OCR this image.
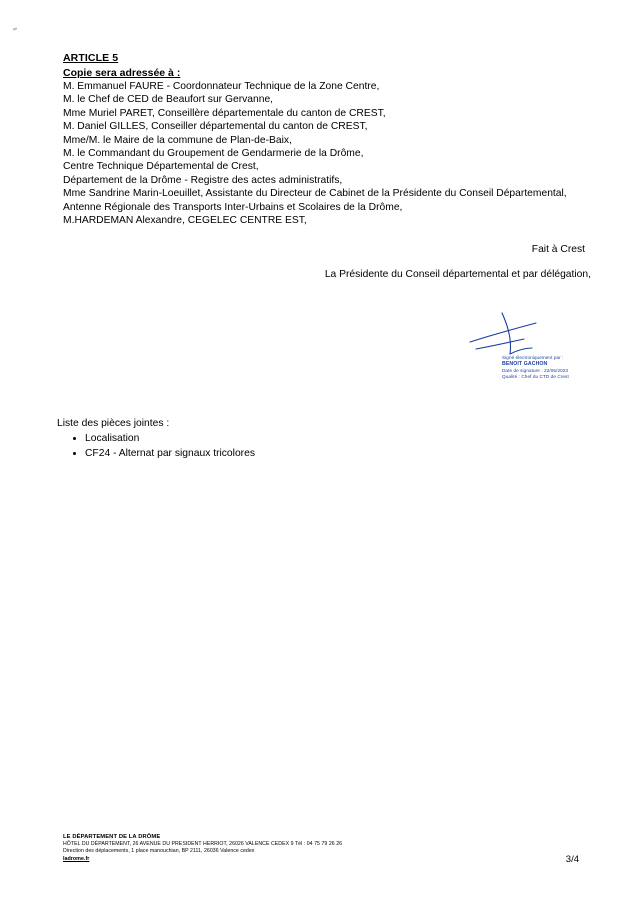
ARTICLE 5
Copie sera adressée à :
M. Emmanuel FAURE - Coordonnateur Technique de la Zone Centre,
M. le Chef de CED de Beaufort sur Gervanne,
Mme Muriel PARET, Conseillère départementale du canton de CREST,
M. Daniel GILLES, Conseiller départemental du canton de CREST,
Mme/M. le Maire de la commune de Plan-de-Baix,
M. le Commandant du Groupement de Gendarmerie de la Drôme,
Centre Technique Départemental de Crest,
Département de la Drôme - Registre des actes administratifs,
Mme Sandrine Marin-Loeuillet, Assistante du Directeur de Cabinet de la Présidente du Conseil Départemental,
Antenne Régionale des Transports Inter-Urbains et Scolaires de la Drôme,
M.HARDEMAN Alexandre, CEGELEC CENTRE EST,
Fait à Crest
La Présidente du Conseil départemental et par délégation,
Signé électroniquement par :
BENOIT GACHON
Date de signature : 22/06/2023
Qualité : Chef du CTD de Crest
Liste des pièces jointes :
Localisation
CF24 - Alternat par signaux tricolores
LE DÉPARTEMENT DE LA DRÔME
HÔTEL DU DÉPARTEMENT, 26 AVENUE DU PRESIDENT HERRIOT, 26026 VALENCE CEDEX 9 Tél : 04 75 79 26 26
Direction des déplacements, 1 place manouchian, BP 2111, 26036 Valence cedex
ladrome.fr	3/4
